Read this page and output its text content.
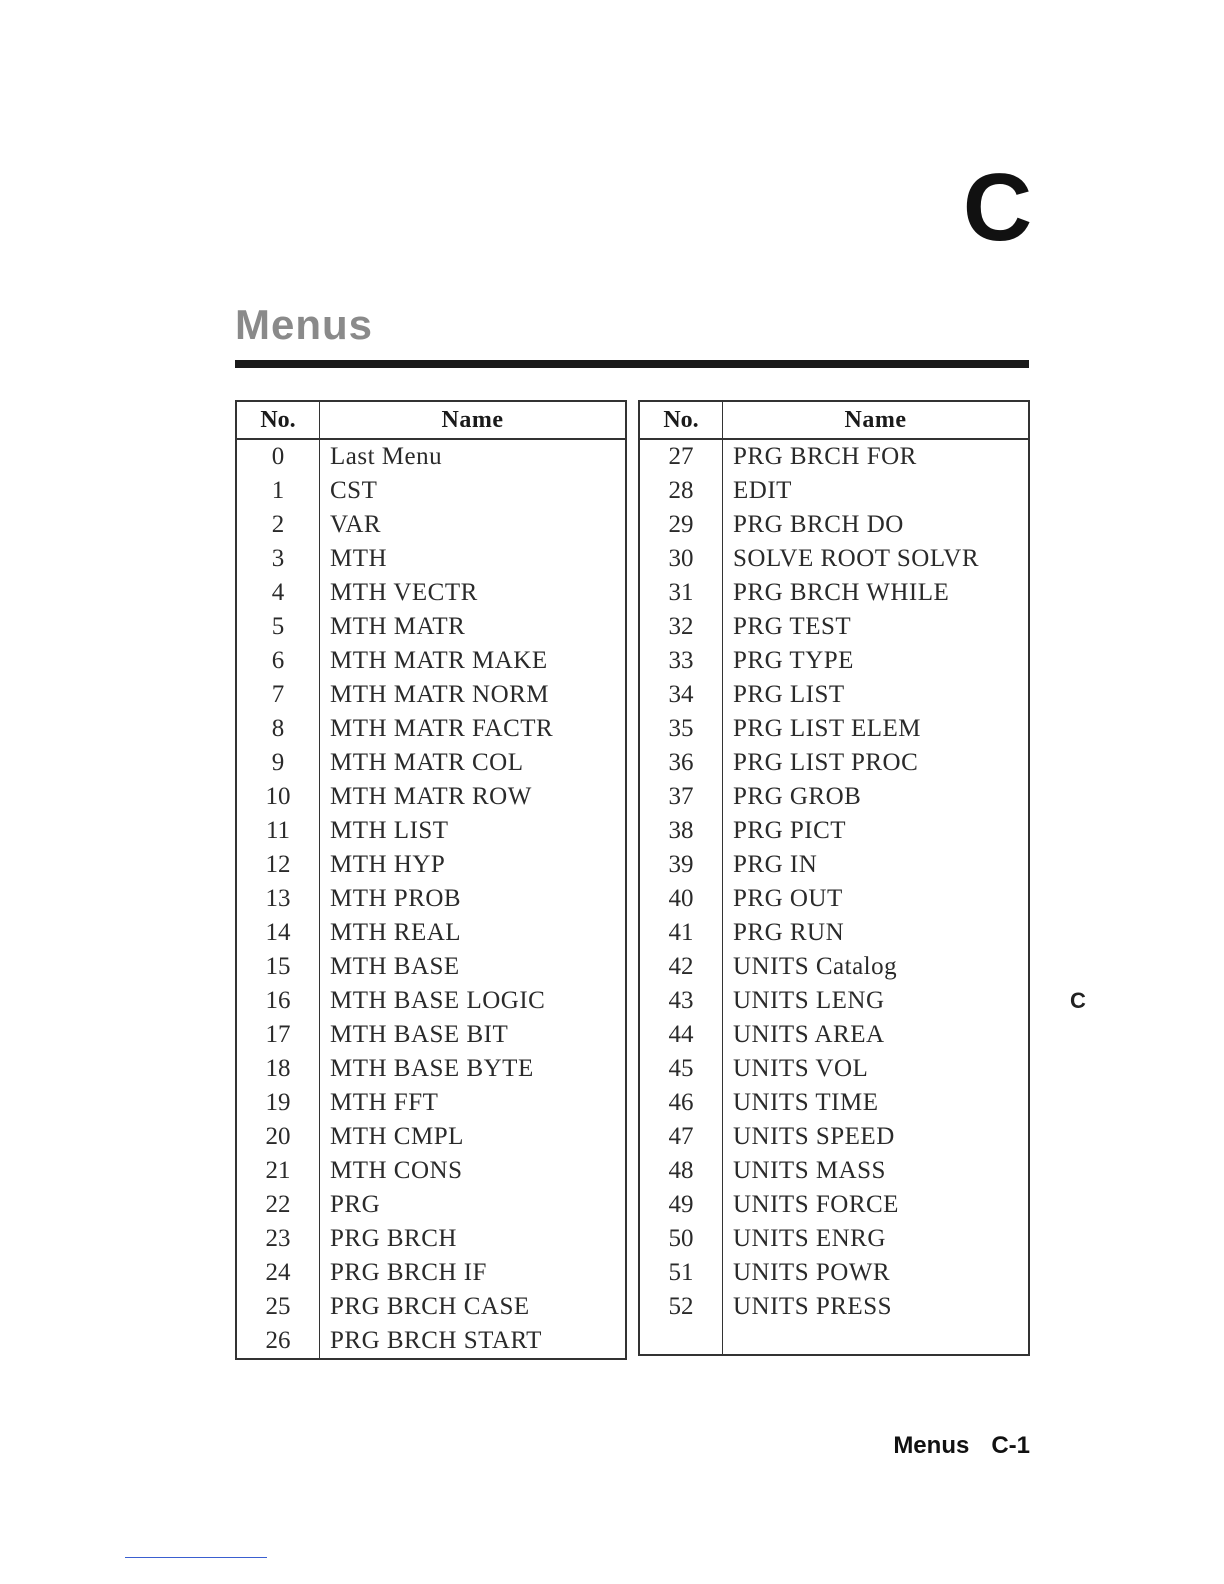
C
Menus
No.	Name
0	Last Menu
1	CST
2	VAR
3	MTH
4	MTH VECTR
5	MTH MATR
6	MTH MATR MAKE
7	MTH MATR NORM
8	MTH MATR FACTR
9	MTH MATR COL
10	MTH MATR ROW
11	MTH LIST
12	MTH HYP
13	MTH PROB
14	MTH REAL
15	MTH BASE
16	MTH BASE LOGIC
17	MTH BASE BIT
18	MTH BASE BYTE
19	MTH FFT
20	MTH CMPL
21	MTH CONS
22	PRG
23	PRG BRCH
24	PRG BRCH IF
25	PRG BRCH CASE
26	PRG BRCH START
No.	Name
27	PRG BRCH FOR
28	EDIT
29	PRG BRCH DO
30	SOLVE ROOT SOLVR
31	PRG BRCH WHILE
32	PRG TEST
33	PRG TYPE
34	PRG LIST
35	PRG LIST ELEM
36	PRG LIST PROC
37	PRG GROB
38	PRG PICT
39	PRG IN
40	PRG OUT
41	PRG RUN
42	UNITS Catalog
43	UNITS LENG
44	UNITS AREA
45	UNITS VOL
46	UNITS TIME
47	UNITS SPEED
48	UNITS MASS
49	UNITS FORCE
50	UNITS ENRG
51	UNITS POWR
52	UNITS PRESS

C
Menus C-1
